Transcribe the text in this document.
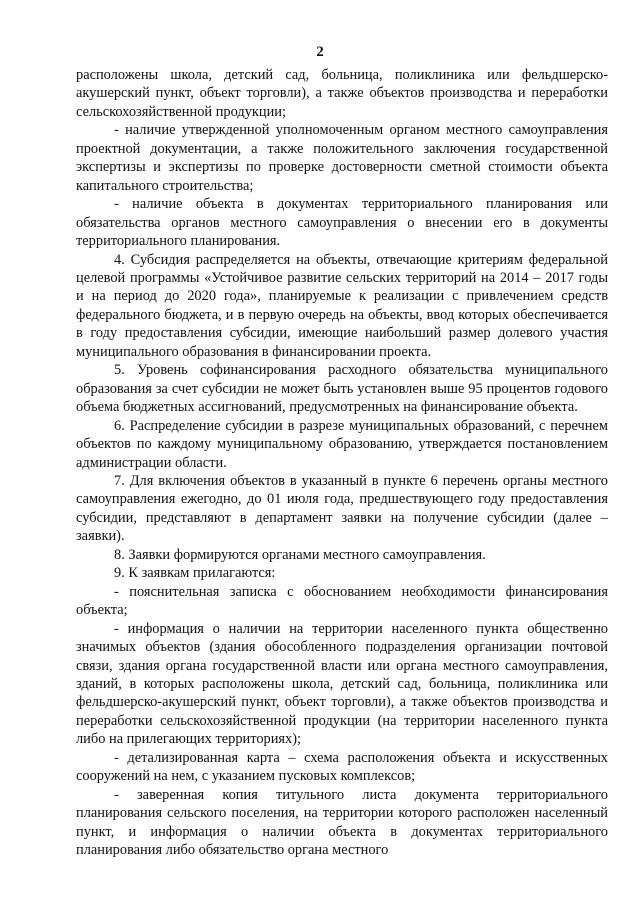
2

расположены школа, детский сад, больница, поликлиника или фельдшерско-акушерский пункт, объект торговли), а также объектов производства и переработки сельскохозяйственной продукции;

- наличие утвержденной уполномоченным органом местного самоуправления проектной документации, а также положительного заключения государственной экспертизы и экспертизы по проверке достоверности сметной стоимости объекта капитального строительства;

- наличие объекта в документах территориального планирования или обязательства органов местного самоуправления о внесении его в документы территориального планирования.

4. Субсидия распределяется на объекты, отвечающие критериям федеральной целевой программы «Устойчивое развитие сельских территорий на 2014 – 2017 годы и на период до 2020 года», планируемые к реализации с привлечением средств федерального бюджета, и в первую очередь на объекты, ввод которых обеспечивается в году предоставления субсидии, имеющие наибольший размер долевого участия муниципального образования в финансировании проекта.

5. Уровень софинансирования расходного обязательства муниципального образования за счет субсидии не может быть установлен выше 95 процентов годового объема бюджетных ассигнований, предусмотренных на финансирование объекта.

6. Распределение субсидии в разрезе муниципальных образований, с перечнем объектов по каждому муниципальному образованию, утверждается постановлением администрации области.

7. Для включения объектов в указанный в пункте 6 перечень органы местного самоуправления ежегодно, до 01 июля года, предшествующего году предоставления субсидии, представляют в департамент заявки на получение субсидии (далее – заявки).

8. Заявки формируются органами местного самоуправления.

9. К заявкам прилагаются:

- пояснительная записка с обоснованием необходимости финансирования объекта;

- информация о наличии на территории населенного пункта общественно значимых объектов (здания обособленного подразделения организации почтовой связи, здания органа государственной власти или органа местного самоуправления, зданий, в которых расположены школа, детский сад, больница, поликлиника или фельдшерско-акушерский пункт, объект торговли), а также объектов производства и переработки сельскохозяйственной продукции (на территории населенного пункта либо на прилегающих территориях);

- детализированная карта – схема расположения объекта и искусственных сооружений на нем, с указанием пусковых комплексов;

- заверенная копия титульного листа документа территориального планирования сельского поселения, на территории которого расположен населенный пункт, и информация о наличии объекта в документах территориального планирования либо обязательство органа местного
